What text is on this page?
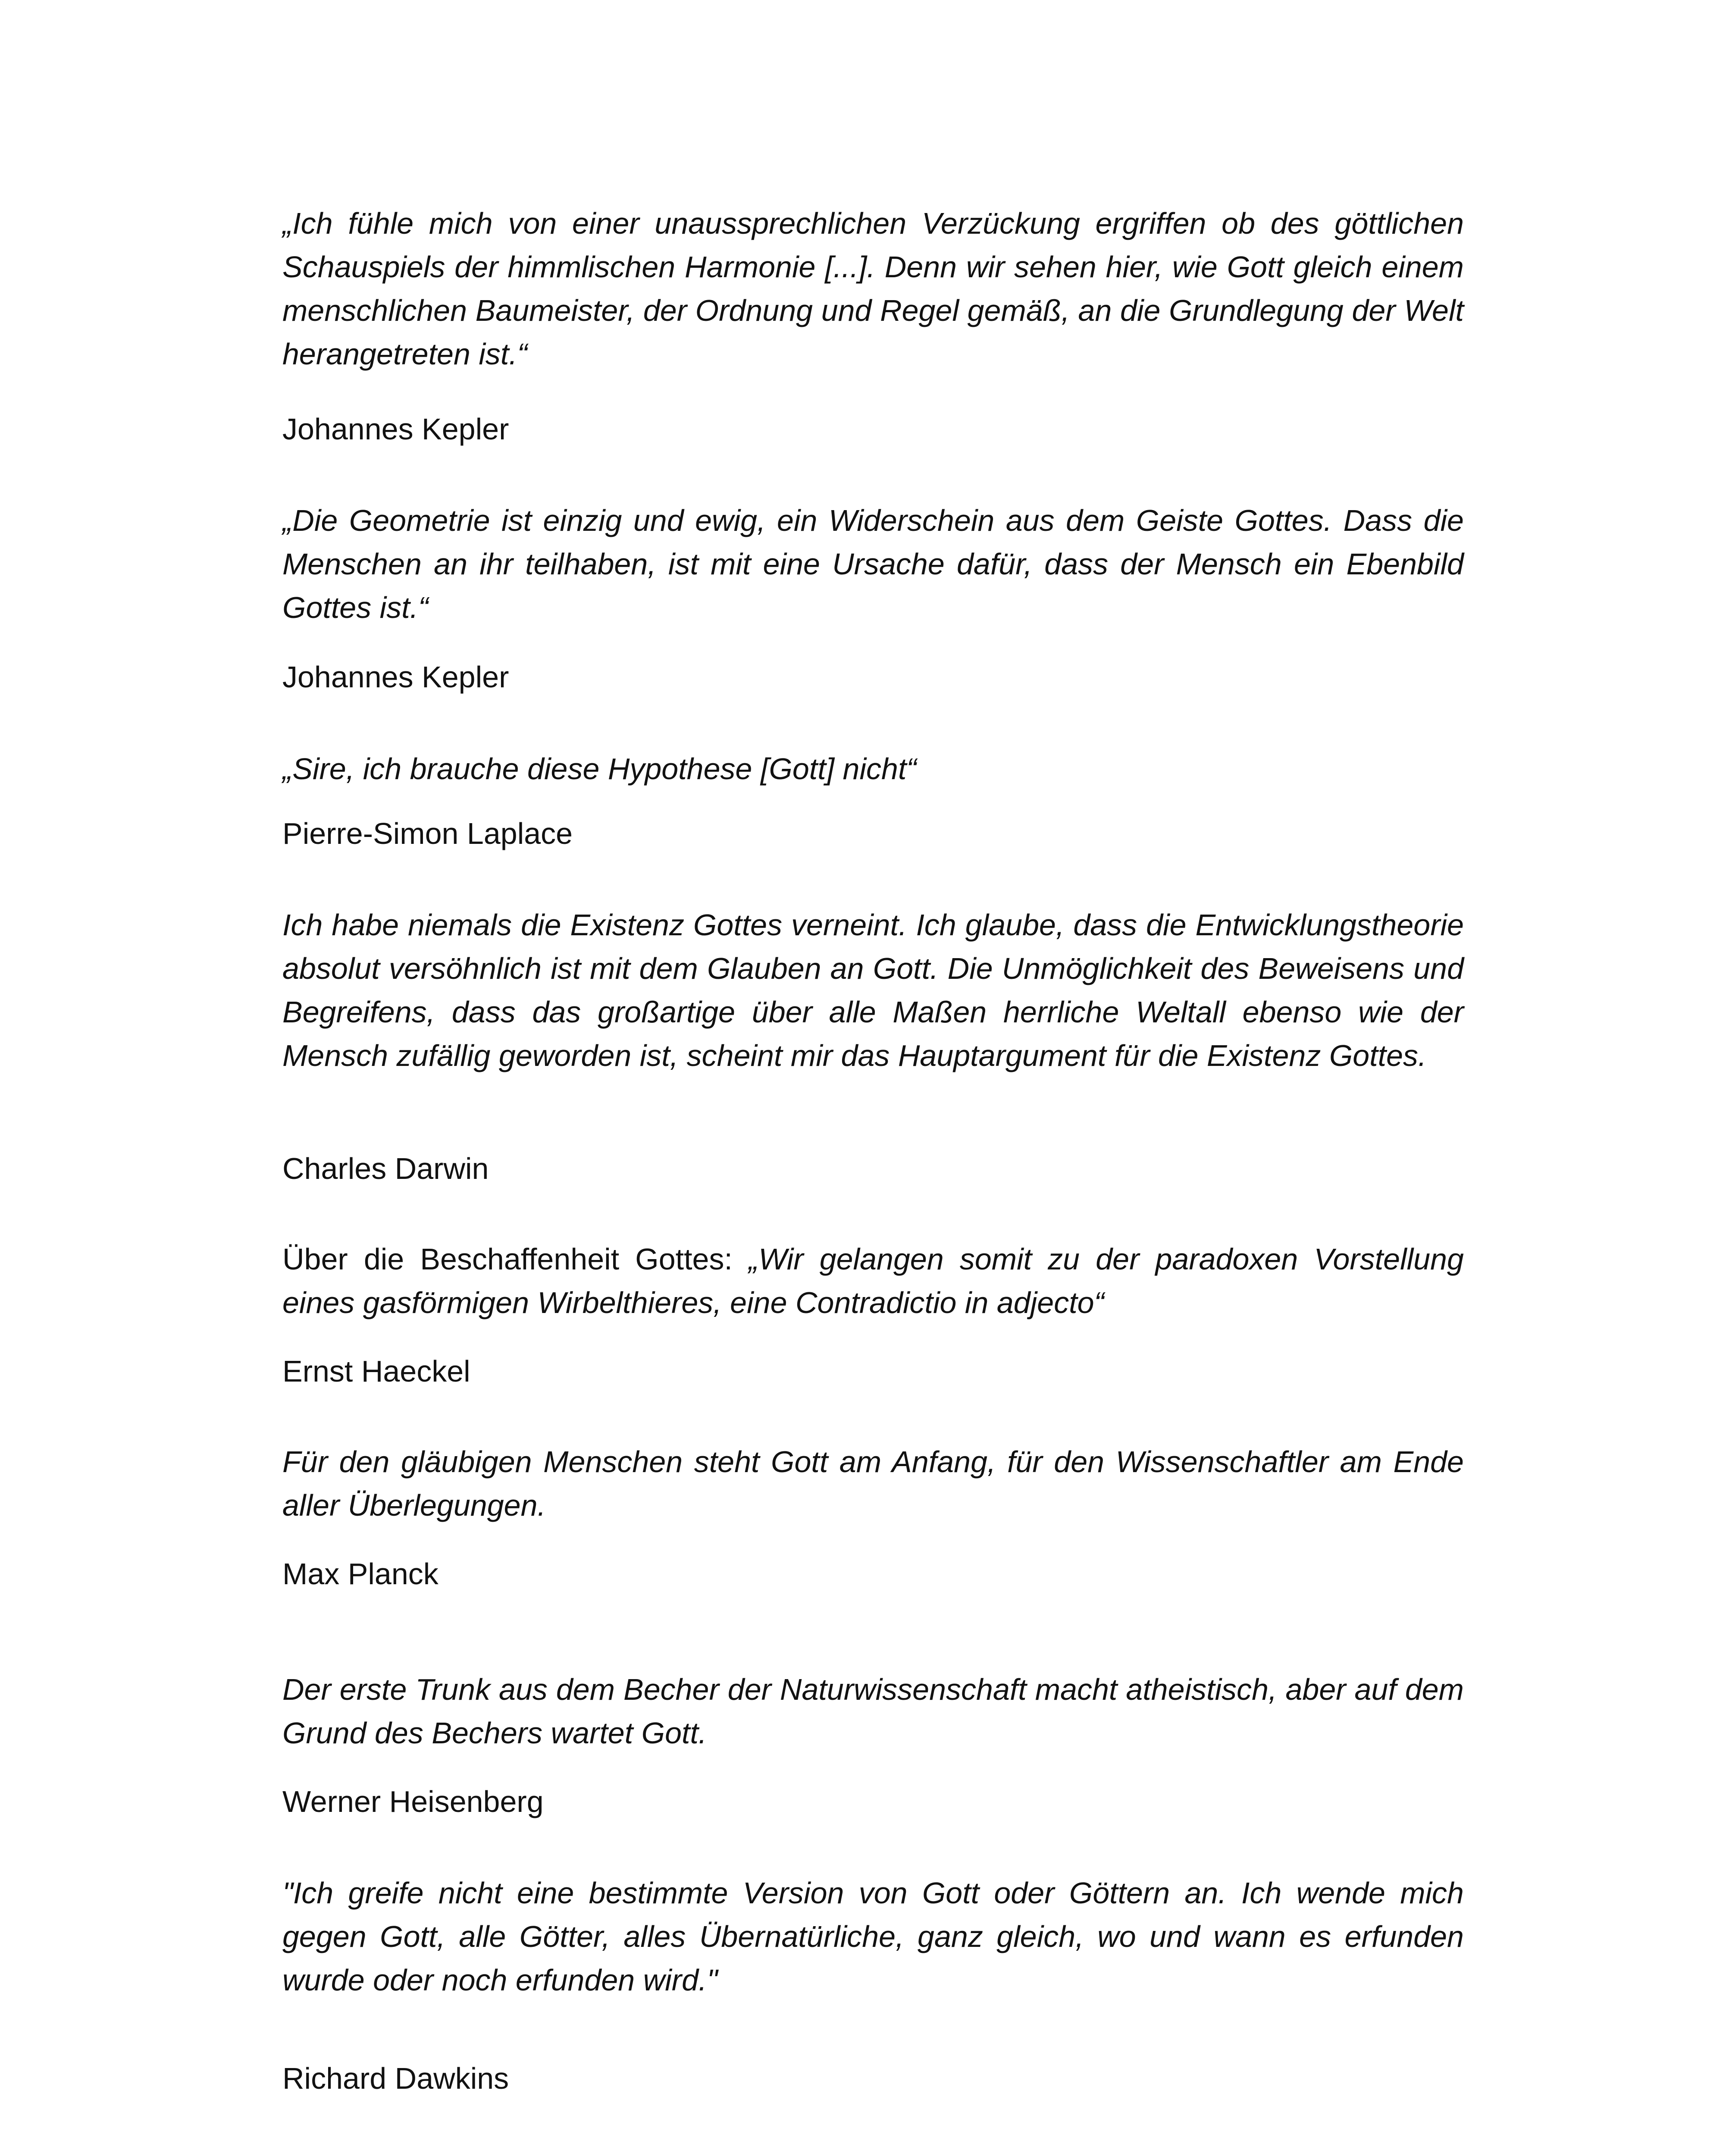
„Ich fühle mich von einer unaussprechlichen Verzückung ergriffen ob des göttlichen Schauspiels der himmlischen Harmonie [...]. Denn wir sehen hier, wie Gott gleich einem menschlichen Baumeister, der Ordnung und Regel gemäß, an die Grundlegung der Welt herangetreten ist.“

Johannes Kepler

„Die Geometrie ist einzig und ewig, ein Widerschein aus dem Geiste Gottes. Dass die Menschen an ihr teilhaben, ist mit eine Ursache dafür, dass der Mensch ein Ebenbild Gottes ist.“

Johannes Kepler

„Sire, ich brauche diese Hypothese [Gott] nicht“

Pierre-Simon Laplace

Ich habe niemals die Existenz Gottes verneint. Ich glaube, dass die Entwicklungstheorie absolut versöhnlich ist mit dem Glauben an Gott. Die Unmöglichkeit des Beweisens und Begreifens, dass das großartige über alle Maßen herrliche Weltall ebenso wie der Mensch zufällig geworden ist, scheint mir das Hauptargument für die Existenz Gottes.

Charles Darwin

Über die Beschaffenheit Gottes: „Wir gelangen somit zu der paradoxen Vorstellung eines gasförmigen Wirbelthieres, eine Contradictio in adjecto“

Ernst Haeckel

Für den gläubigen Menschen steht Gott am Anfang, für den Wissenschaftler am Ende aller Überlegungen.

Max Planck

Der erste Trunk aus dem Becher der Naturwissenschaft macht atheistisch, aber auf dem Grund des Bechers wartet Gott.

Werner Heisenberg

"Ich greife nicht eine bestimmte Version von Gott oder Göttern an. Ich wende mich gegen Gott, alle Götter, alles Übernatürliche, ganz gleich, wo und wann es erfunden wurde oder noch erfunden wird."

Richard Dawkins
